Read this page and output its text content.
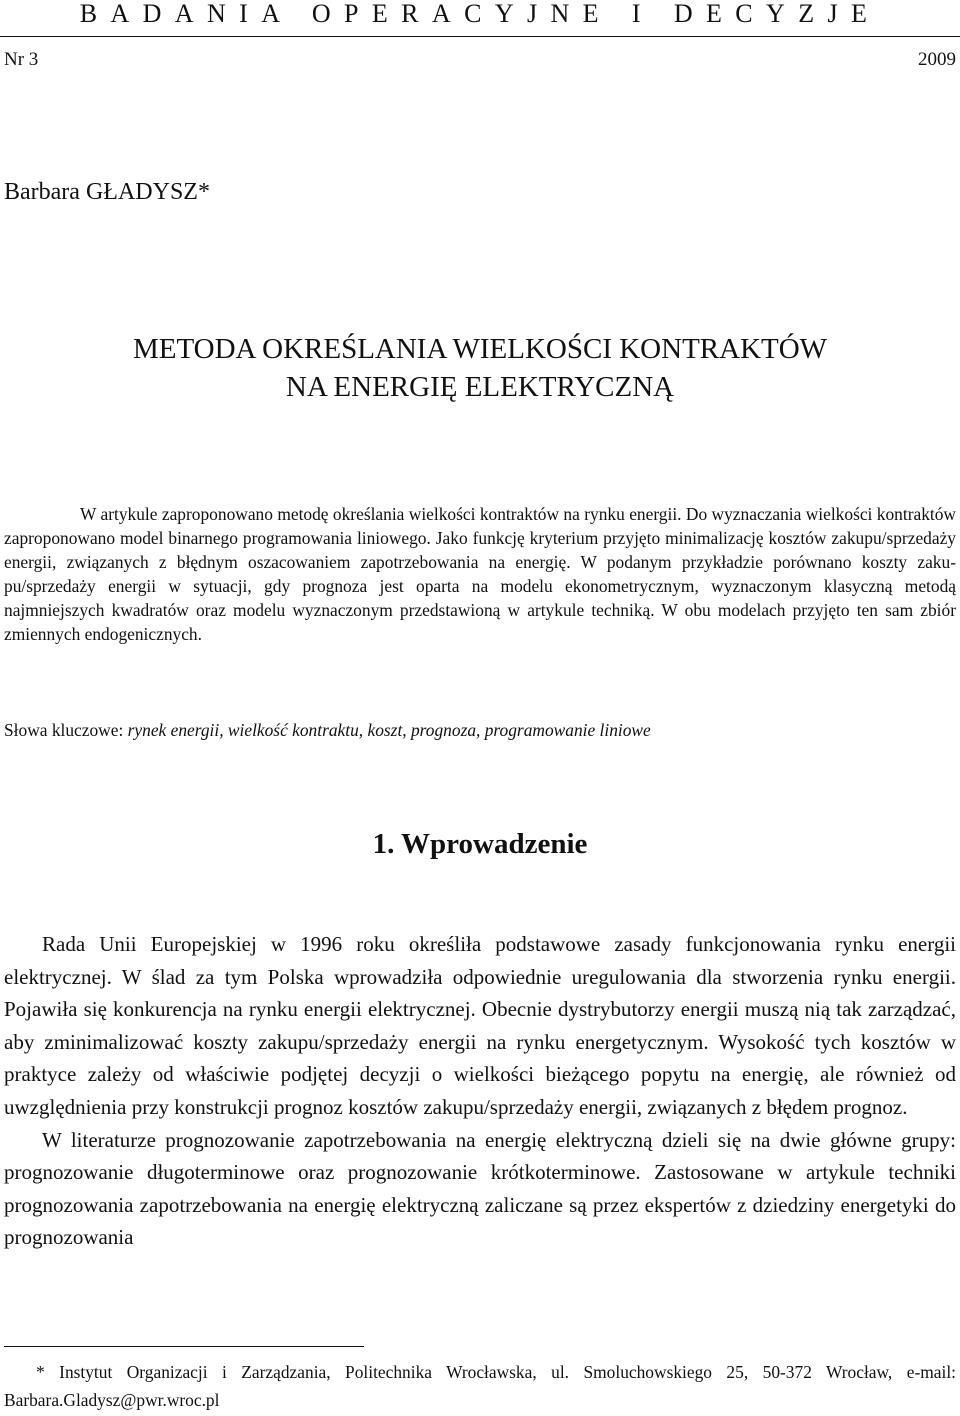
BADANIA OPERACYJNE I DECYZJE
Nr 3	2009
Barbara GŁADYSZ*
METODA OKREŚLANIA WIELKOŚCI KONTRAKTÓW
NA ENERGIĘ ELEKTRYCZNĄ
W artykule zaproponowano metodę określania wielkości kontraktów na rynku energii. Do wyznaczania wielkości kontraktów zaproponowano model binarnego programowania liniowego. Jako funkcję kryterium przyjęto minimalizację kosztów zakupu/sprzedaży energii, związanych z błędnym oszacowaniem zapotrzebowania na energię. W podanym przykładzie porównano koszty zakupu/sprzedaży energii w sytuacji, gdy prognoza jest oparta na modelu ekonometrycznym, wyznaczonym klasyczną metodą najmniejszych kwadratów oraz modelu wyznaczonym przedstawioną w artykule techniką. W obu modelach przyjęto ten sam zbiór zmiennych endogenicznych.
Słowa kluczowe: rynek energii, wielkość kontraktu, koszt, prognoza, programowanie liniowe
1. Wprowadzenie

Rada Unii Europejskiej w 1996 roku określiła podstawowe zasady funkcjonowania rynku energii elektrycznej. W ślad za tym Polska wprowadziła odpowiednie uregulowania dla stworzenia rynku energii. Pojawiła się konkurencja na rynku energii elektrycznej. Obecnie dystrybutorzy energii muszą nią tak zarządzać, aby zminimalizować koszty zakupu/sprzedaży energii na rynku energetycznym. Wysokość tych kosztów w praktyce zależy od właściwie podjętej decyzji o wielkości bieżącego popytu na energię, ale również od uwzględnienia przy konstrukcji prognoz kosztów zakupu/sprzedaży energii, związanych z błędem prognoz.

W literaturze prognozowanie zapotrzebowania na energię elektryczną dzieli się na dwie główne grupy: prognozowanie długoterminowe oraz prognozowanie krótkoterminowe. Zastosowane w artykule techniki prognozowania zapotrzebowania na energię elektryczną zaliczane są przez ekspertów z dziedziny energetyki do prognozowania

* Instytut Organizacji i Zarządzania, Politechnika Wrocławska, ul. Smoluchowskiego 25, 50-372 Wrocław, e-mail: Barbara.Gladysz@pwr.wroc.pl
